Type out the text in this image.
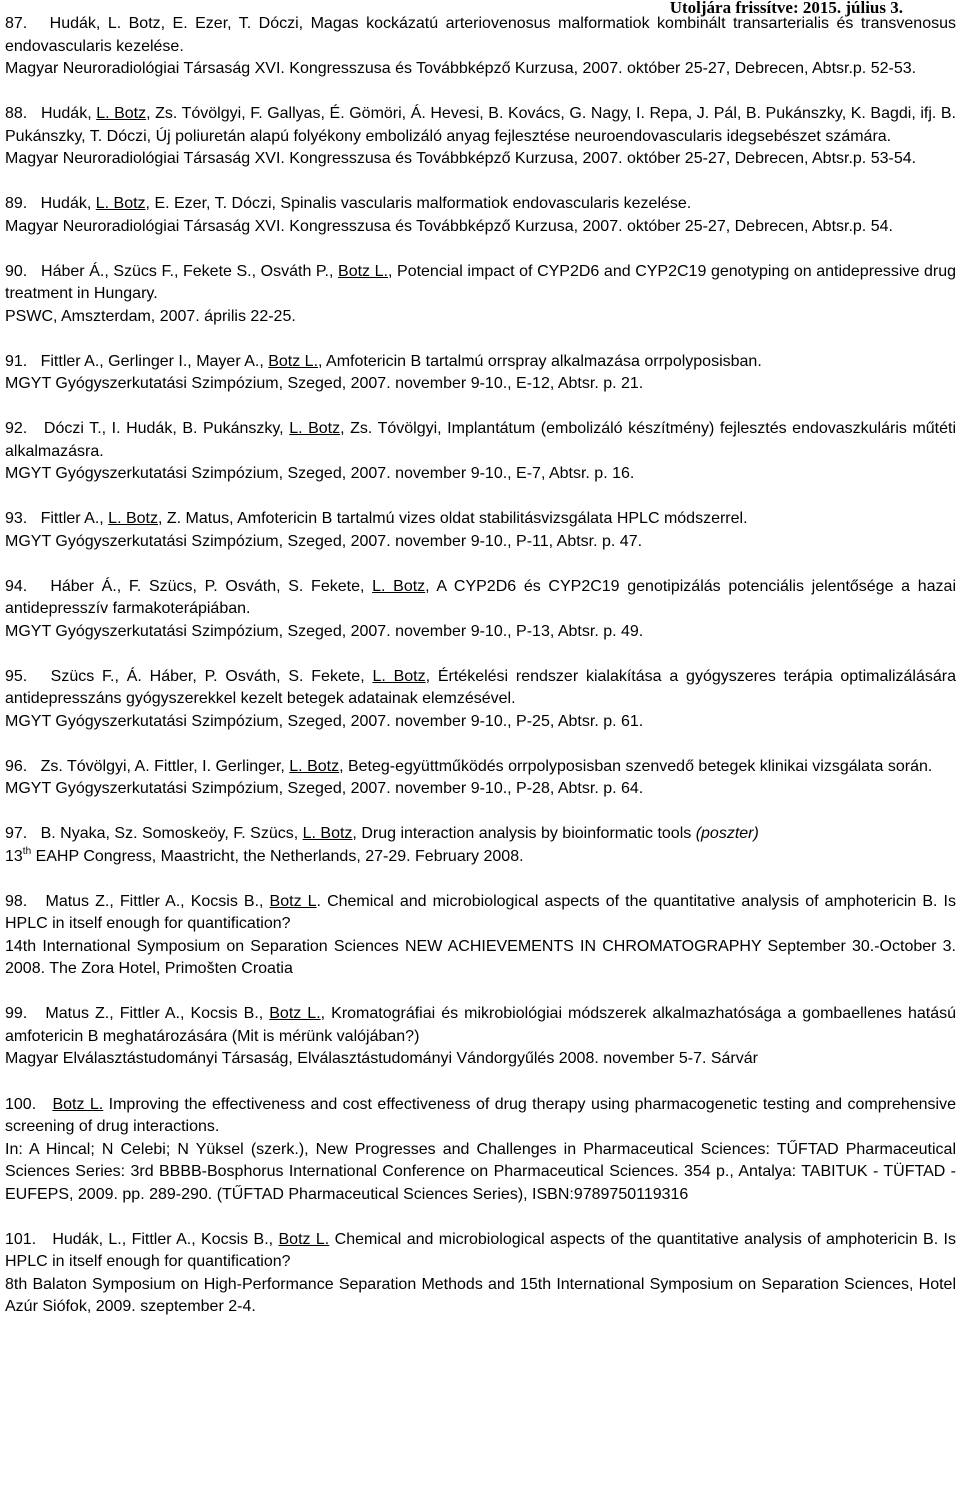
Utoljára frissítve: 2015. július 3.

87. Hudák, L. Botz, E. Ezer, T. Dóczi, Magas kockázatú arteriovenosus malformatiok kombinált transarterialis és transvenosus endovascularis kezelése.

Magyar Neuroradiológiai Társaság XVI. Kongresszusa és Továbbképző Kurzusa, 2007. október 25-27, Debrecen, Abtsr.p. 52-53.

88. Hudák, L. Botz, Zs. Tóvölgyi, F. Gallyas, É. Gömöri, Á. Hevesi, B. Kovács, G. Nagy, I. Repa, J. Pál, B. Pukánszky, K. Bagdi, ifj. B. Pukánszky, T. Dóczi, Új poliuretán alapú folyékony embolizáló anyag fejlesztése neuroendovascularis idegsebészet számára.

Magyar Neuroradiológiai Társaság XVI. Kongresszusa és Továbbképző Kurzusa, 2007. október 25-27, Debrecen, Abtsr.p. 53-54.

89. Hudák, L. Botz, E. Ezer, T. Dóczi, Spinalis vascularis malformatiok endovascularis kezelése.

Magyar Neuroradiológiai Társaság XVI. Kongresszusa és Továbbképző Kurzusa, 2007. október 25-27, Debrecen, Abtsr.p. 54.

90. Háber Á., Szücs F., Fekete S., Osváth P., Botz L., Potencial impact of CYP2D6 and CYP2C19 genotyping on antidepressive drug treatment in Hungary.

PSWC, Amszterdam, 2007. április 22-25.

91. Fittler A., Gerlinger I., Mayer A., Botz L., Amfotericin B tartalmú orrspray alkalmazása orrpolyposisban.

MGYT Gyógyszerkutatási Szimpózium, Szeged, 2007. november 9-10., E-12, Abtsr. p. 21.

92. Dóczi T., I. Hudák, B. Pukánszky, L. Botz, Zs. Tóvölgyi, Implantátum (embolizáló készítmény) fejlesztés endovaszkuláris műtéti alkalmazásra.

MGYT Gyógyszerkutatási Szimpózium, Szeged, 2007. november 9-10., E-7, Abtsr. p. 16.

93. Fittler A., L. Botz, Z. Matus, Amfotericin B tartalmú vizes oldat stabilitásvizsgálata HPLC módszerrel.

MGYT Gyógyszerkutatási Szimpózium, Szeged, 2007. november 9-10., P-11, Abtsr. p. 47.

94. Háber Á., F. Szücs, P. Osváth, S. Fekete, L. Botz, A CYP2D6 és CYP2C19 genotipizálás potenciális jelentősége a hazai antidepresszív farmakoterápiában.

MGYT Gyógyszerkutatási Szimpózium, Szeged, 2007. november 9-10., P-13, Abtsr. p. 49.

95. Szücs F., Á. Háber, P. Osváth, S. Fekete, L. Botz, Értékelési rendszer kialakítása a gyógyszeres terápia optimalizálására antidepresszáns gyógyszerekkel kezelt betegek adatainak elemzésével.

MGYT Gyógyszerkutatási Szimpózium, Szeged, 2007. november 9-10., P-25, Abtsr. p. 61.

96. Zs. Tóvölgyi, A. Fittler, I. Gerlinger, L. Botz, Beteg-együttműködés orrpolyposisban szenvedő betegek klinikai vizsgálata során.

MGYT Gyógyszerkutatási Szimpózium, Szeged, 2007. november 9-10., P-28, Abtsr. p. 64.

97. B. Nyaka, Sz. Somoskeöy, F. Szücs, L. Botz, Drug interaction analysis by bioinformatic tools (poszter)

13th EAHP Congress, Maastricht, the Netherlands, 27-29. February 2008.

98. Matus Z., Fittler A., Kocsis B., Botz L. Chemical and microbiological aspects of the quantitative analysis of amphotericin B. Is HPLC in itself enough for quantification?

14th International Symposium on Separation Sciences NEW ACHIEVEMENTS IN CHROMATOGRAPHY September 30.-October 3. 2008. The Zora Hotel, Primošten Croatia

99. Matus Z., Fittler A., Kocsis B., Botz L., Kromatográfiai és mikrobiológiai módszerek alkalmazhatósága a gombaellenes hatású amfotericin B meghatározására (Mit is mérünk valójában?)

Magyar Elválasztástudományi Társaság, Elválasztástudományi Vándorgyűlés 2008. november 5-7. Sárvár

100. Botz L. Improving the effectiveness and cost effectiveness of drug therapy using pharmacogenetic testing and comprehensive screening of drug interactions.

In: A Hincal; N Celebi; N Yüksel (szerk.), New Progresses and Challenges in Pharmaceutical Sciences: TŰFTAD Pharmaceutical Sciences Series: 3rd BBBB-Bosphorus International Conference on Pharmaceutical Sciences. 354 p., Antalya: TABITUK - TÜFTAD - EUFEPS, 2009. pp. 289-290. (TŰFTAD Pharmaceutical Sciences Series), ISBN:9789750119316

101. Hudák, L., Fittler A., Kocsis B., Botz L. Chemical and microbiological aspects of the quantitative analysis of amphotericin B. Is HPLC in itself enough for quantification?

8th Balaton Symposium on High-Performance Separation Methods and 15th International Symposium on Separation Sciences, Hotel Azúr Siófok, 2009. szeptember 2-4.
